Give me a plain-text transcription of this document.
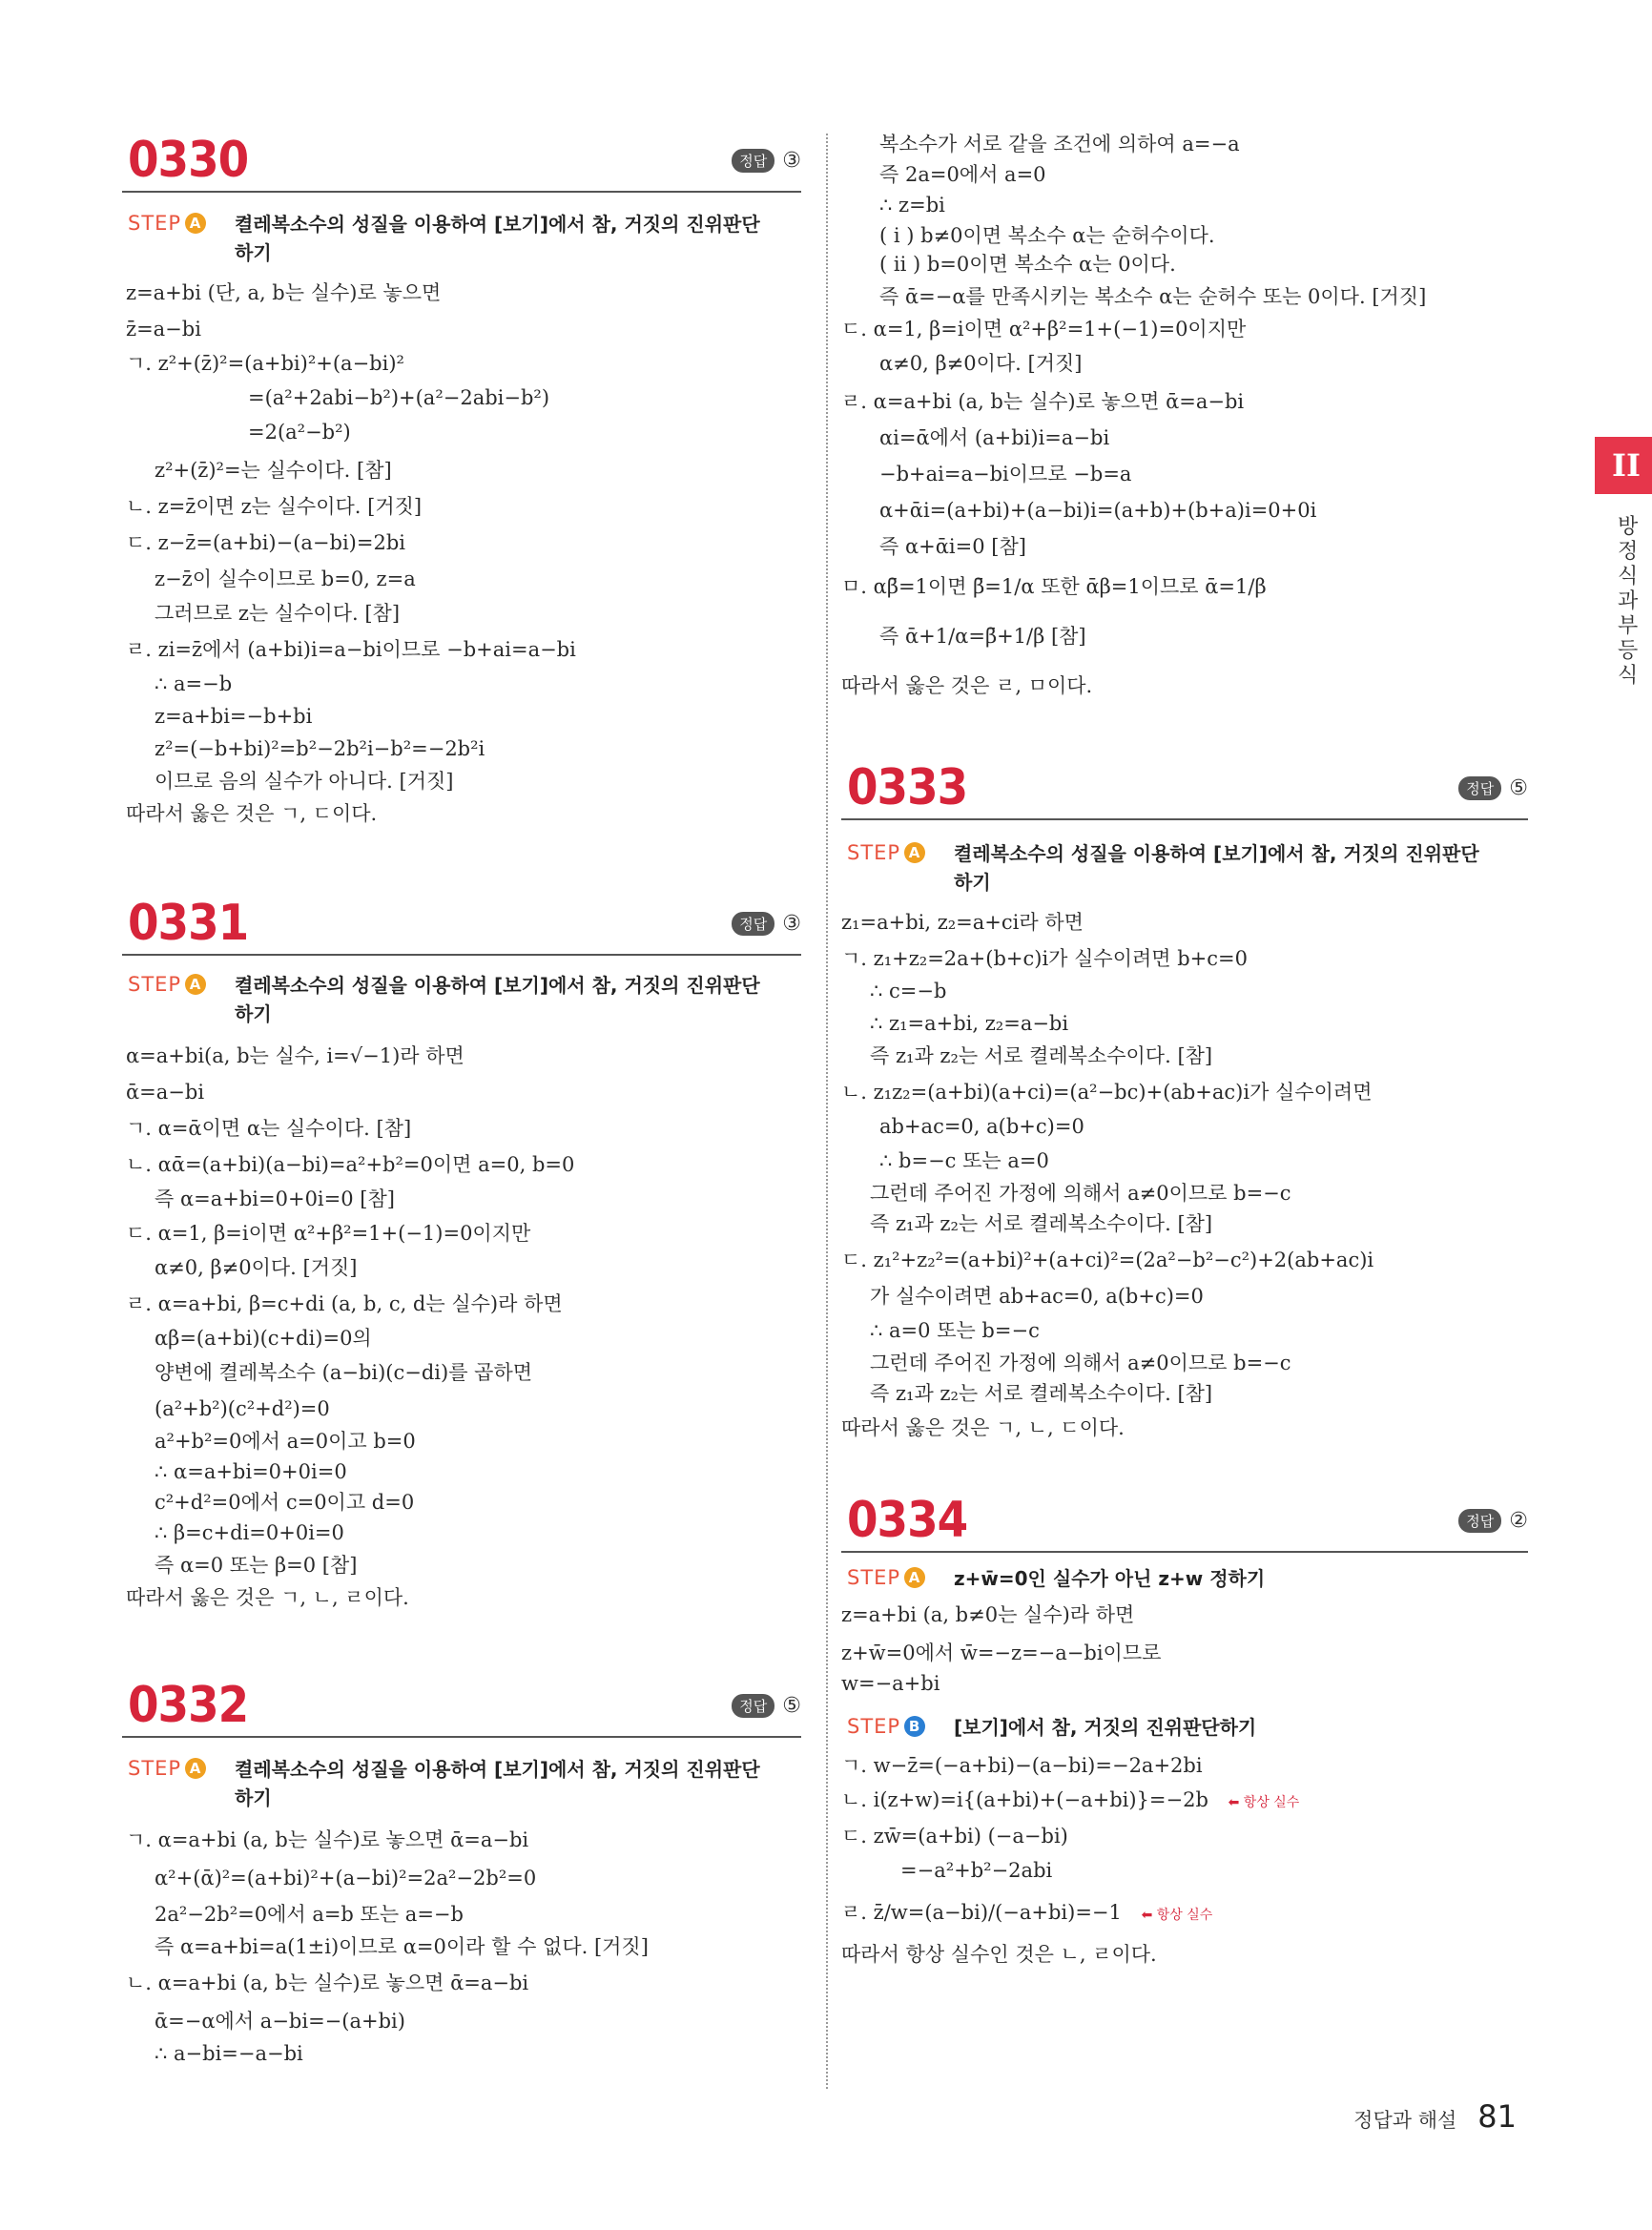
0330	정답 ③
STEP A 켤레복소수의 성질을 이용하여 [보기]에서 참, 거짓의 진위판단
하기
z=a+bi (단, a, b는 실수)로 놓으면
z̄=a−bi
ㄱ. z²+(z̄)²=(a+bi)²+(a−bi)²
=(a²+2abi−b²)+(a²−2abi−b²)
=2(a²−b²)
z²+(z̄)²=는 실수이다. [참]
ㄴ. z=z̄이면 z는 실수이다. [거짓]
ㄷ. z−z̄=(a+bi)−(a−bi)=2bi
z−z̄이 실수이므로 b=0, z=a
그러므로 z는 실수이다. [참]
ㄹ. zi=z̄에서 (a+bi)i=a−bi이므로 −b+ai=a−bi
∴ a=−b
z=a+bi=−b+bi
z²=(−b+bi)²=b²−2b²i−b²=−2b²i
이므로 음의 실수가 아니다. [거짓]
따라서 옳은 것은 ㄱ, ㄷ이다.
0331	정답 ③
STEP A 켤레복소수의 성질을 이용하여 [보기]에서 참, 거짓의 진위판단
하기
α=a+bi(a, b는 실수, i=√−1)라 하면
ᾱ=a−bi
ㄱ. α=ᾱ이면 α는 실수이다. [참]
ㄴ. αᾱ=(a+bi)(a−bi)=a²+b²=0이면 a=0, b=0
즉 α=a+bi=0+0i=0 [참]
ㄷ. α=1, β=i이면 α²+β²=1+(−1)=0이지만
α≠0, β≠0이다. [거짓]
ㄹ. α=a+bi, β=c+di (a, b, c, d는 실수)라 하면
αβ=(a+bi)(c+di)=0의
양변에 켤레복소수 (a−bi)(c−di)를 곱하면
(a²+b²)(c²+d²)=0
a²+b²=0에서 a=0이고 b=0
∴ α=a+bi=0+0i=0
c²+d²=0에서 c=0이고 d=0
∴ β=c+di=0+0i=0
즉 α=0 또는 β=0 [참]
따라서 옳은 것은 ㄱ, ㄴ, ㄹ이다.
0332	정답 ⑤
STEP A 켤레복소수의 성질을 이용하여 [보기]에서 참, 거짓의 진위판단
하기
ㄱ. α=a+bi (a, b는 실수)로 놓으면 ᾱ=a−bi
α²+(ᾱ)²=(a+bi)²+(a−bi)²=2a²−2b²=0
2a²−2b²=0에서 a=b 또는 a=−b
즉 α=a+bi=a(1±i)이므로 α=0이라 할 수 없다. [거짓]
ㄴ. α=a+bi (a, b는 실수)로 놓으면 ᾱ=a−bi
ᾱ=−α에서 a−bi=−(a+bi)
∴ a−bi=−a−bi
복소수가 서로 같을 조건에 의하여 a=−a
즉 2a=0에서 a=0
∴ z=bi
( i ) b≠0이면 복소수 α는 순허수이다.
( ii ) b=0이면 복소수 α는 0이다.
즉 ᾱ=−α를 만족시키는 복소수 α는 순허수 또는 0이다. [거짓]
ㄷ. α=1, β=i이면 α²+β²=1+(−1)=0이지만
α≠0, β≠0이다. [거짓]
ㄹ. α=a+bi (a, b는 실수)로 놓으면 ᾱ=a−bi
αi=ᾱ에서 (a+bi)i=a−bi
−b+ai=a−bi이므로 −b=a
α+ᾱi=(a+bi)+(a−bi)i=(a+b)+(b+a)i=0+0i
즉 α+ᾱi=0 [참]
ㅁ. αβ̄=1이면 β̄=1/α 또한 ᾱβ=1이므로 ᾱ=1/β
즉 ᾱ+1/α=β̄+1/β [참]
따라서 옳은 것은 ㄹ, ㅁ이다.
0333	정답 ⑤
STEP A 켤레복소수의 성질을 이용하여 [보기]에서 참, 거짓의 진위판단
하기
z₁=a+bi, z₂=a+ci라 하면
ㄱ. z₁+z₂=2a+(b+c)i가 실수이려면 b+c=0
∴ c=−b
∴ z₁=a+bi, z₂=a−bi
즉 z₁과 z₂는 서로 켤레복소수이다. [참]
ㄴ. z₁z₂=(a+bi)(a+ci)=(a²−bc)+(ab+ac)i가 실수이려면
ab+ac=0, a(b+c)=0
∴ b=−c 또는 a=0
그런데 주어진 가정에 의해서 a≠0이므로 b=−c
즉 z₁과 z₂는 서로 켤레복소수이다. [참]
ㄷ. z₁²+z₂²=(a+bi)²+(a+ci)²=(2a²−b²−c²)+2(ab+ac)i
가 실수이려면 ab+ac=0, a(b+c)=0
∴ a=0 또는 b=−c
그런데 주어진 가정에 의해서 a≠0이므로 b=−c
즉 z₁과 z₂는 서로 켤레복소수이다. [참]
따라서 옳은 것은 ㄱ, ㄴ, ㄷ이다.
0334	정답 ②
STEP A z+w̄=0인 실수가 아닌 z+w 정하기
z=a+bi (a, b≠0는 실수)라 하면
z+w̄=0에서 w̄=−z=−a−bi이므로
w=−a+bi
STEP B [보기]에서 참, 거짓의 진위판단하기
ㄱ. w−z̄=(−a+bi)−(a−bi)=−2a+2bi
ㄴ. i(z+w)=i{(a+bi)+(−a+bi)}=−2b ⬅ 항상 실수
ㄷ. zw̄=(a+bi) (−a−bi)
=−a²+b²−2abi
ㄹ. z̄/w=(a−bi)/(−a+bi)=−1 ⬅ 항상 실수
따라서 항상 실수인 것은 ㄴ, ㄹ이다.
II
방정식과 부등식
정답과 해설 81
